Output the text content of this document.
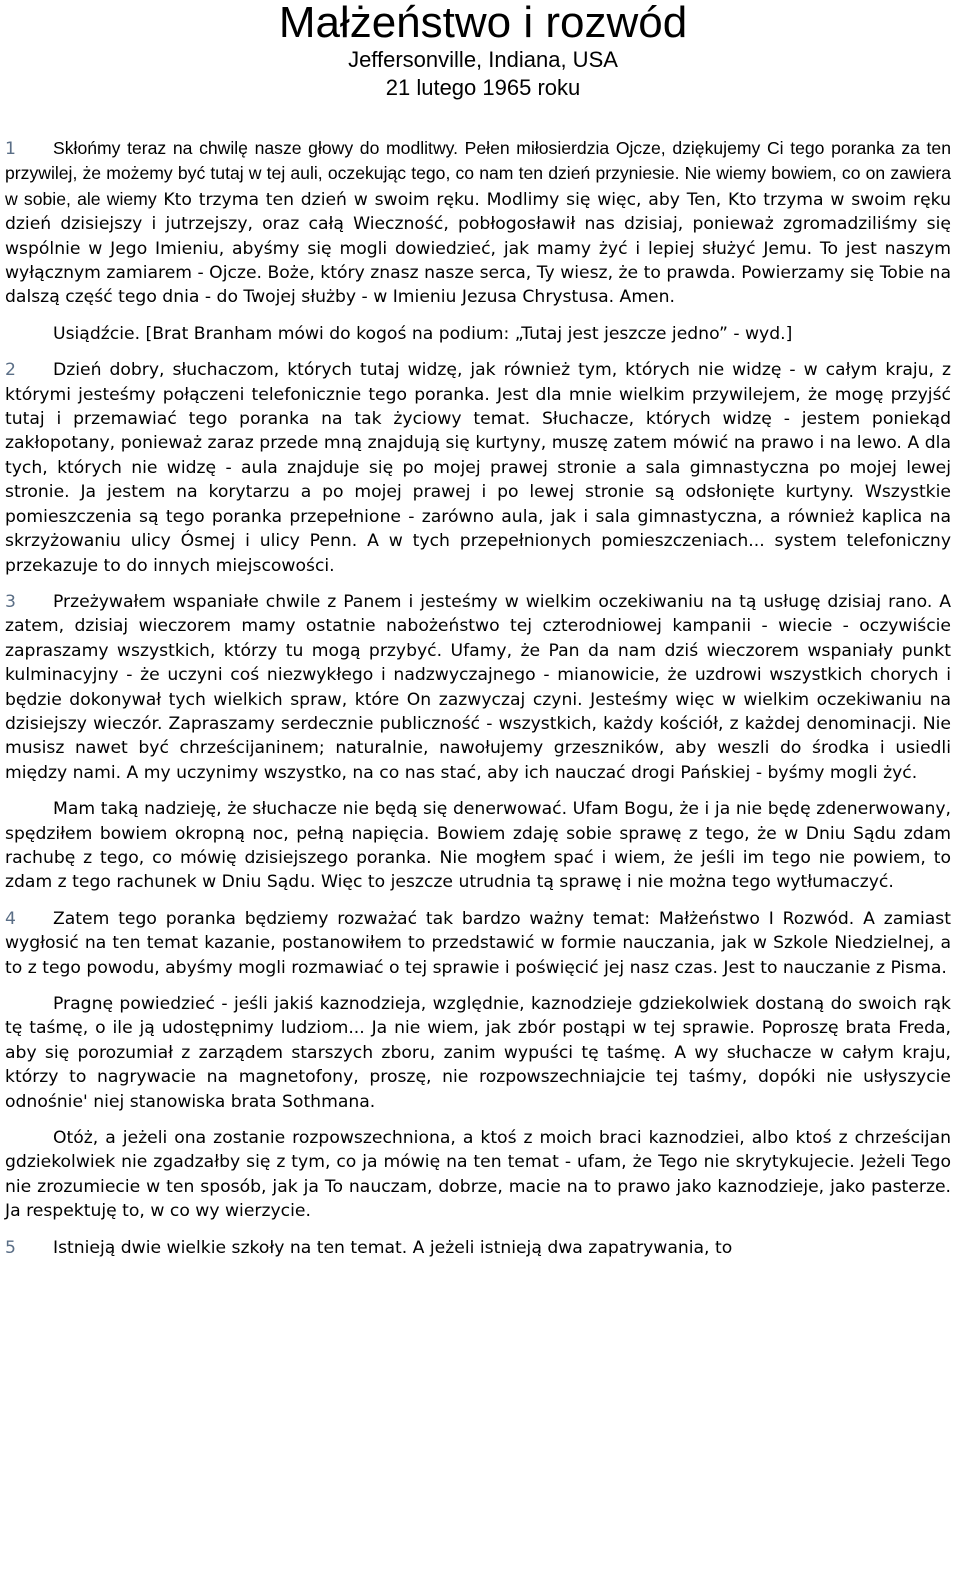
Małżeństwo i rozwód

Jeffersonville, Indiana, USA

21 lutego 1965 roku

1 Skłońmy teraz na chwilę nasze głowy do modlitwy. Pełen miłosierdzia Ojcze, dziękujemy Ci tego poranka za ten przywilej, że możemy być tutaj w tej auli, oczekując tego, co nam ten dzień przyniesie. Nie wiemy bowiem, co on zawiera w sobie, ale wiemy Kto trzyma ten dzień w swoim ręku. Modlimy się więc, aby Ten, Kto trzyma w swoim ręku dzień dzisiejszy i jutrzejszy, oraz całą Wieczność, pobłogosławił nas dzisiaj, ponieważ zgromadziliśmy się wspólnie w Jego Imieniu, abyśmy się mogli dowiedzieć, jak mamy żyć i lepiej służyć Jemu. To jest naszym wyłącznym zamiarem - Ojcze. Boże, który znasz nasze serca, Ty wiesz, że to prawda. Powierzamy się Tobie na dalszą część tego dnia - do Twojej służby - w Imieniu Jezusa Chrystusa. Amen.

Usiądźcie. [Brat Branham mówi do kogoś na podium: „Tutaj jest jeszcze jedno” - wyd.]

2 Dzień dobry, słuchaczom, których tutaj widzę, jak również tym, których nie widzę - w całym kraju, z którymi jesteśmy połączeni telefonicznie tego poranka. Jest dla mnie wielkim przywilejem, że mogę przyjść tutaj i przemawiać tego poranka na tak życiowy temat. Słuchacze, których widzę - jestem poniekąd zakłopotany, ponieważ zaraz przede mną znajdują się kurtyny, muszę zatem mówić na prawo i na lewo. A dla tych, których nie widzę - aula znajduje się po mojej prawej stronie a sala gimnastyczna po mojej lewej stronie. Ja jestem na korytarzu a po mojej prawej i po lewej stronie są odsłonięte kurtyny. Wszystkie pomieszczenia są tego poranka przepełnione - zarówno aula, jak i sala gimnastyczna, a również kaplica na skrzyżowaniu ulicy Ósmej i ulicy Penn. A w tych przepełnionych pomieszczeniach... system telefoniczny przekazuje to do innych miejscowości.

3 Przeżywałem wspaniałe chwile z Panem i jesteśmy w wielkim oczekiwaniu na tą usługę dzisiaj rano. A zatem, dzisiaj wieczorem mamy ostatnie nabożeństwo tej czterodniowej kampanii - wiecie - oczywiście zapraszamy wszystkich, którzy tu mogą przybyć. Ufamy, że Pan da nam dziś wieczorem wspaniały punkt kulminacyjny - że uczyni coś niezwykłego i nadzwyczajnego - mianowicie, że uzdrowi wszystkich chorych i będzie dokonywał tych wielkich spraw, które On zazwyczaj czyni. Jesteśmy więc w wielkim oczekiwaniu na dzisiejszy wieczór. Zapraszamy serdecznie publiczność - wszystkich, każdy kościół, z każdej denominacji. Nie musisz nawet być chrześcijaninem; naturalnie, nawołujemy grzeszników, aby weszli do środka i usiedli między nami. A my uczynimy wszystko, na co nas stać, aby ich nauczać drogi Pańskiej - byśmy mogli żyć.

Mam taką nadzieję, że słuchacze nie będą się denerwować. Ufam Bogu, że i ja nie będę zdenerwowany, spędziłem bowiem okropną noc, pełną napięcia. Bowiem zdaję sobie sprawę z tego, że w Dniu Sądu zdam rachubę z tego, co mówię dzisiejszego poranka. Nie mogłem spać i wiem, że jeśli im tego nie powiem, to zdam z tego rachunek w Dniu Sądu. Więc to jeszcze utrudnia tą sprawę i nie można tego wytłumaczyć.

4 Zatem tego poranka będziemy rozważać tak bardzo ważny temat: Małżeństwo I Rozwód. A zamiast wygłosić na ten temat kazanie, postanowiłem to przedstawić w formie nauczania, jak w Szkole Niedzielnej, a to z tego powodu, abyśmy mogli rozmawiać o tej sprawie i poświęcić jej nasz czas. Jest to nauczanie z Pisma.

Pragnę powiedzieć - jeśli jakiś kaznodzieja, względnie, kaznodzieje gdziekolwiek dostaną do swoich rąk tę taśmę, o ile ją udostępnimy ludziom... Ja nie wiem, jak zbór postąpi w tej sprawie. Poproszę brata Freda, aby się porozumiał z zarządem starszych zboru, zanim wypuści tę taśmę. A wy słuchacze w całym kraju, którzy to nagrywacie na magnetofony, proszę, nie rozpowszechniajcie tej taśmy, dopóki nie usłyszycie odnośnie' niej stanowiska brata Sothmana.

Otóż, a jeżeli ona zostanie rozpowszechniona, a ktoś z moich braci kaznodziei, albo ktoś z chrześcijan gdziekolwiek nie zgadzałby się z tym, co ja mówię na ten temat - ufam, że Tego nie skrytykujecie. Jeżeli Tego nie zrozumiecie w ten sposób, jak ja To nauczam, dobrze, macie na to prawo jako kaznodzieje, jako pasterze. Ja respektuję to, w co wy wierzycie.

5 Istnieją dwie wielkie szkoły na ten temat. A jeżeli istnieją dwa zapatrywania, to
